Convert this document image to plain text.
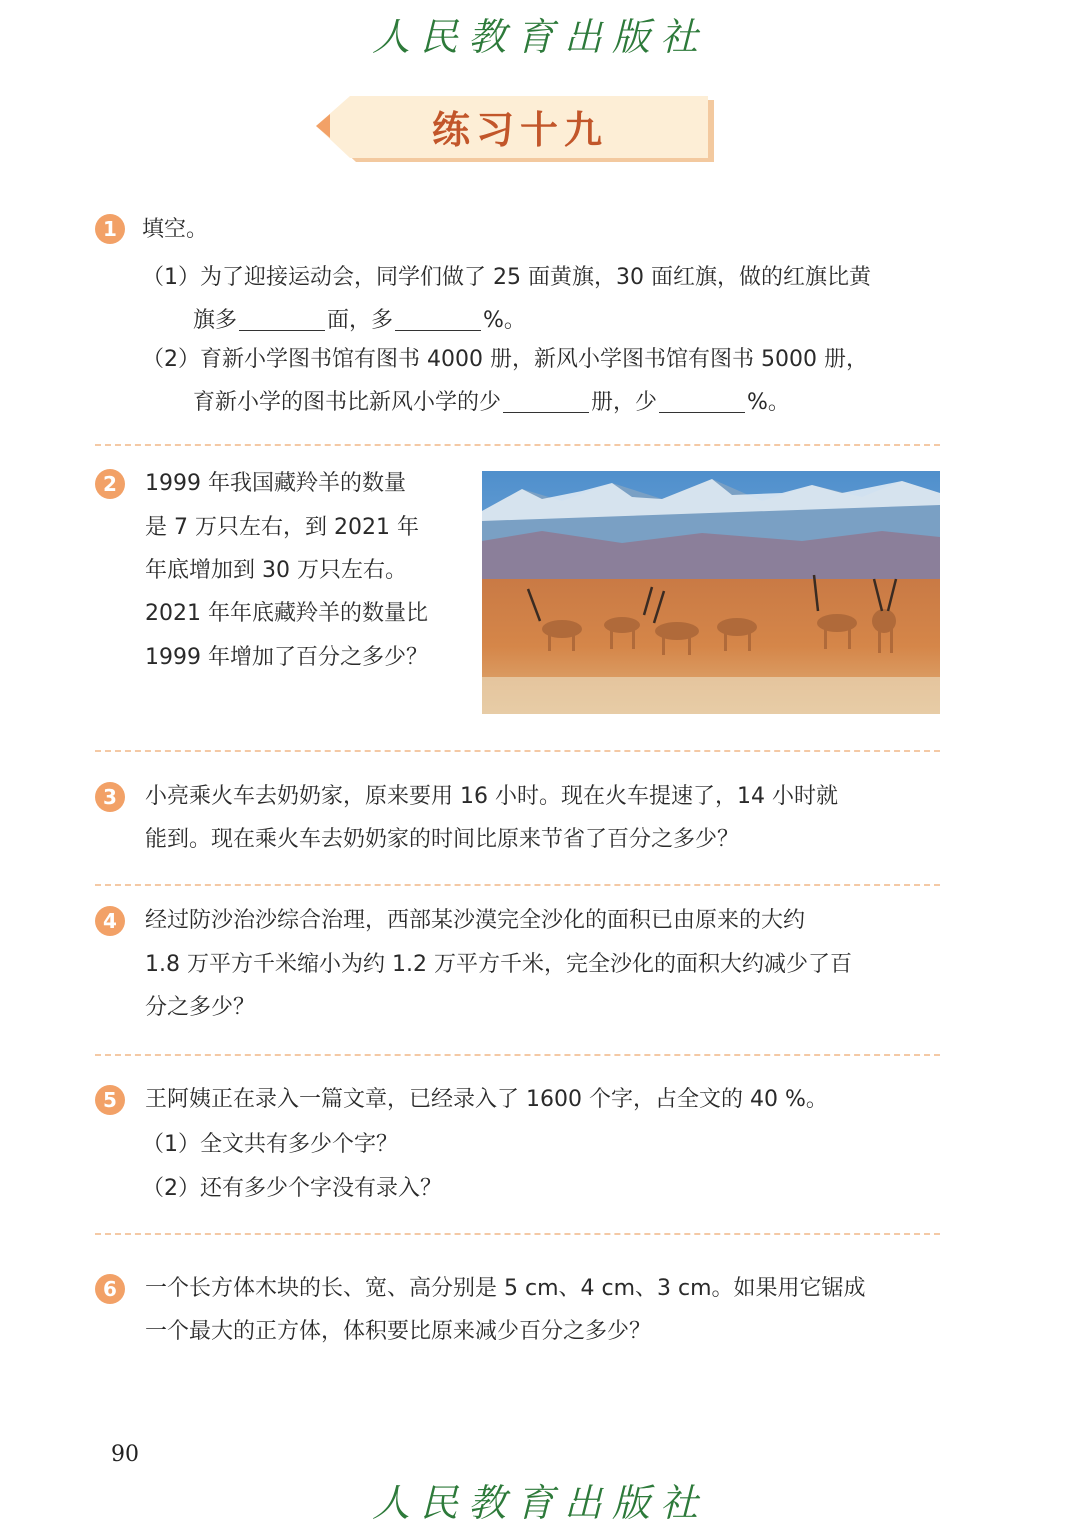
人民教育出版社
练习十九
1	填空。
（1）为了迎接运动会，同学们做了 25 面黄旗，30 面红旗，做的红旗比黄
旗多	面，多	%。
（2）育新小学图书馆有图书 4000 册，新风小学图书馆有图书 5000 册，
育新小学的图书比新风小学的少	册，少	%。
2	1999 年我国藏羚羊的数量
是 7 万只左右，到 2021 年
年底增加到 30 万只左右。
2021 年年底藏羚羊的数量比
1999 年增加了百分之多少？
3	小亮乘火车去奶奶家，原来要用 16 小时。现在火车提速了，14 小时就
能到。现在乘火车去奶奶家的时间比原来节省了百分之多少？
4	经过防沙治沙综合治理，西部某沙漠完全沙化的面积已由原来的大约
1.8 万平方千米缩小为约 1.2 万平方千米，完全沙化的面积大约减少了百
分之多少？
5	王阿姨正在录入一篇文章，已经录入了 1600 个字，占全文的 40 %。
（1）全文共有多少个字？
（2）还有多少个字没有录入？
6	一个长方体木块的长、宽、高分别是 5 cm、4 cm、3 cm。如果用它锯成
一个最大的正方体，体积要比原来减少百分之多少？
90
人民教育出版社
